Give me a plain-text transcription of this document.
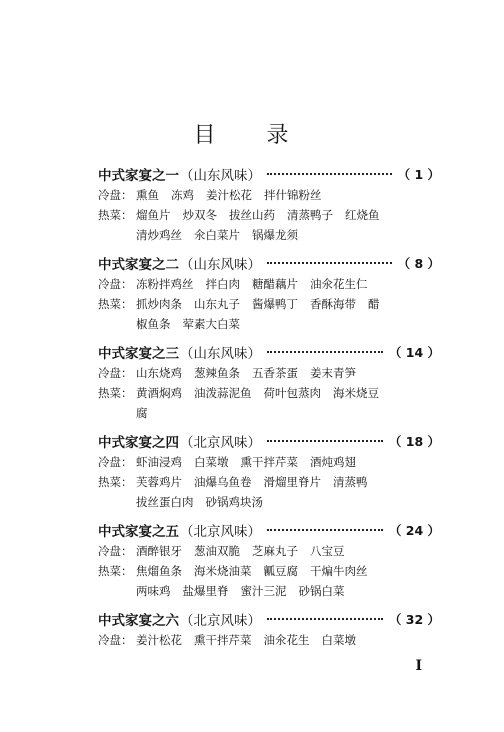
目 录
中式家宴之一 （山东风味）	（ 1 ）
冷盘： 熏鱼 冻鸡 姜汁松花 拌什锦粉丝
热菜： 熘鱼片 炒双冬 拔丝山药 清蒸鸭子 红烧鱼
清炒鸡丝 氽白菜片 锅爆龙须
中式家宴之二 （山东风味）	（ 8 ）
冷盘： 冻粉拌鸡丝 拌白肉 糖醋藕片 油氽花生仁
热菜： 抓炒肉条 山东丸子 酱爆鸭丁 香酥海带 醋
椒鱼条 荤素大白菜
中式家宴之三 （山东风味）	（ 14 ）
冷盘： 山东烧鸡 葱辣鱼条 五香茶蛋 姜末青笋
热菜： 黄酒焖鸡 油泼蒜泥鱼 荷叶包蒸肉 海米烧豆
腐
中式家宴之四 （北京风味）	（ 18 ）
冷盘： 虾油浸鸡 白菜墩 熏干拌芹菜 酒炖鸡翅
热菜： 芙蓉鸡片 油爆乌鱼卷 滑熘里脊片 清蒸鸭
拔丝蛋白肉 砂锅鸡块汤
中式家宴之五 （北京风味）	（ 24 ）
冷盘： 酒醉银牙 葱油双脆 芝麻丸子 八宝豆
热菜： 焦熘鱼条 海米烧油菜 瓤豆腐 干煸牛肉丝
两味鸡 盐爆里脊 蜜汁三泥 砂锅白菜
中式家宴之六 （北京风味）	（ 32 ）
冷盘： 姜汁松花 熏干拌芹菜 油氽花生 白菜墩
I
